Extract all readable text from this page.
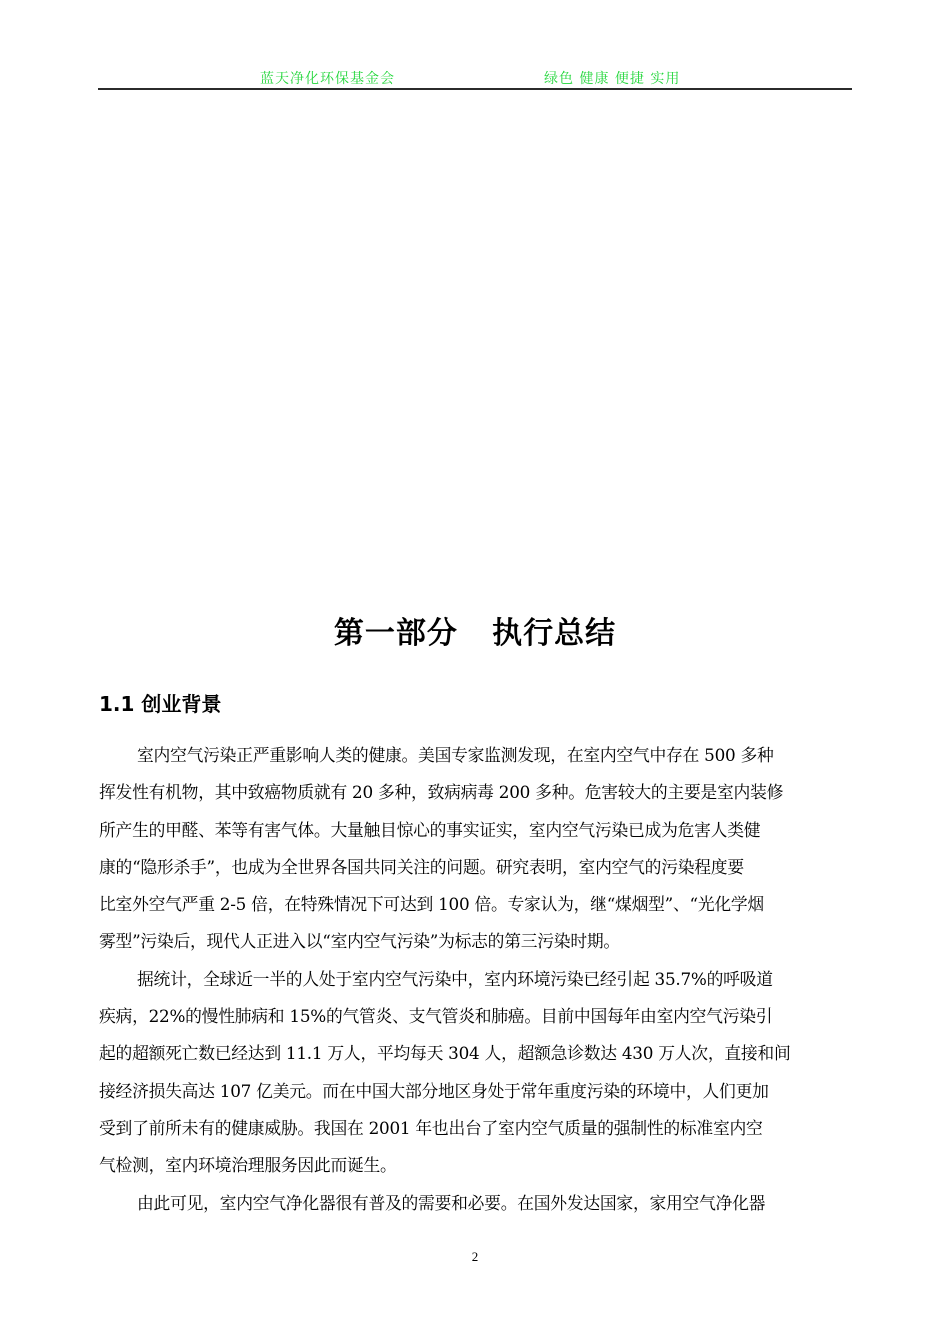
蓝天净化环保基金会	绿色 健康 便捷 实用
第一部分   执行总结
1.1 创业背景
室内空气污染正严重影响人类的健康。美国专家监测发现，在室内空气中存在 500 多种
挥发性有机物，其中致癌物质就有 20 多种，致病病毒 200 多种。危害较大的主要是室内装修
所产生的甲醛、苯等有害气体。大量触目惊心的事实证实，室内空气污染已成为危害人类健
康的“隐形杀手”，也成为全世界各国共同关注的问题。研究表明，室内空气的污染程度要
比室外空气严重 2-5 倍，在特殊情况下可达到 100 倍。专家认为，继“煤烟型”、“光化学烟
雾型”污染后，现代人正进入以“室内空气污染”为标志的第三污染时期。
据统计，全球近一半的人处于室内空气污染中，室内环境污染已经引起 35.7%的呼吸道
疾病，22%的慢性肺病和 15%的气管炎、支气管炎和肺癌。目前中国每年由室内空气污染引
起的超额死亡数已经达到 11.1 万人，平均每天 304 人，超额急诊数达 430 万人次，直接和间
接经济损失高达 107 亿美元。而在中国大部分地区身处于常年重度污染的环境中，人们更加
受到了前所未有的健康威胁。我国在 2001 年也出台了室内空气质量的强制性的标准室内空
气检测，室内环境治理服务因此而诞生。
由此可见，室内空气净化器很有普及的需要和必要。在国外发达国家，家用空气净化器
2
